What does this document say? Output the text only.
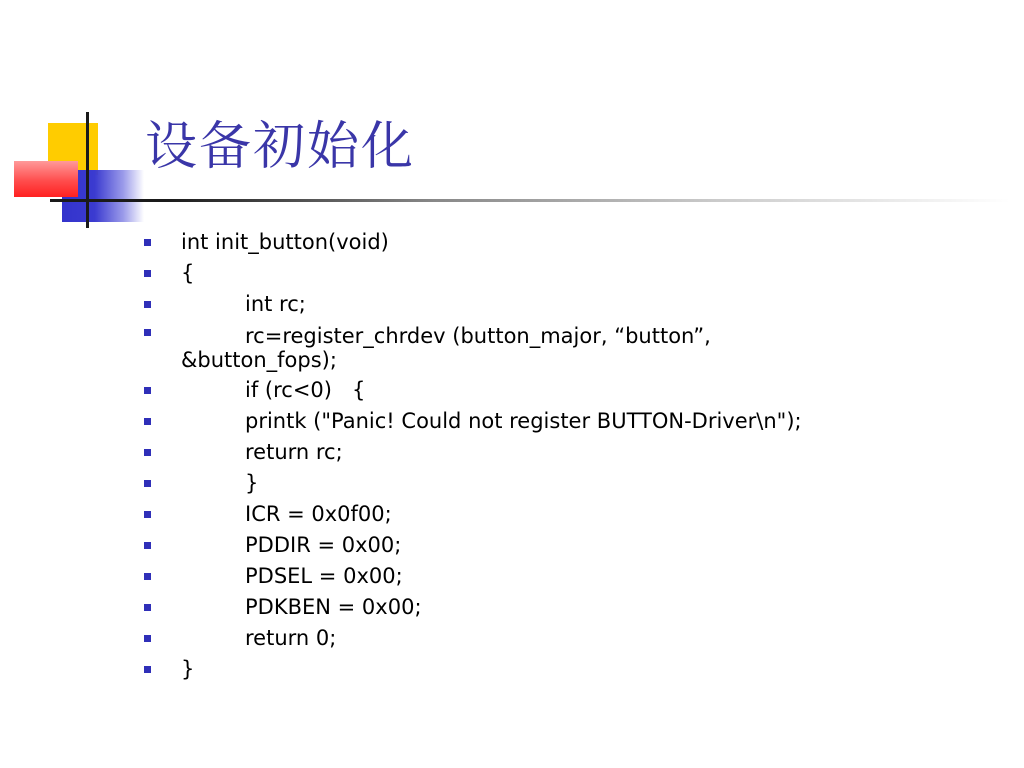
设备初始化
int init_button(void)
{
int rc;
rc=register_chrdev (button_major, “button”,
&button_fops);
if (rc<0)   {
printk ("Panic! Could not register BUTTON-Driver\n");
return rc;
}
ICR = 0x0f00;
PDDIR = 0x00;
PDSEL = 0x00;
PDKBEN = 0x00;
return 0;
}
